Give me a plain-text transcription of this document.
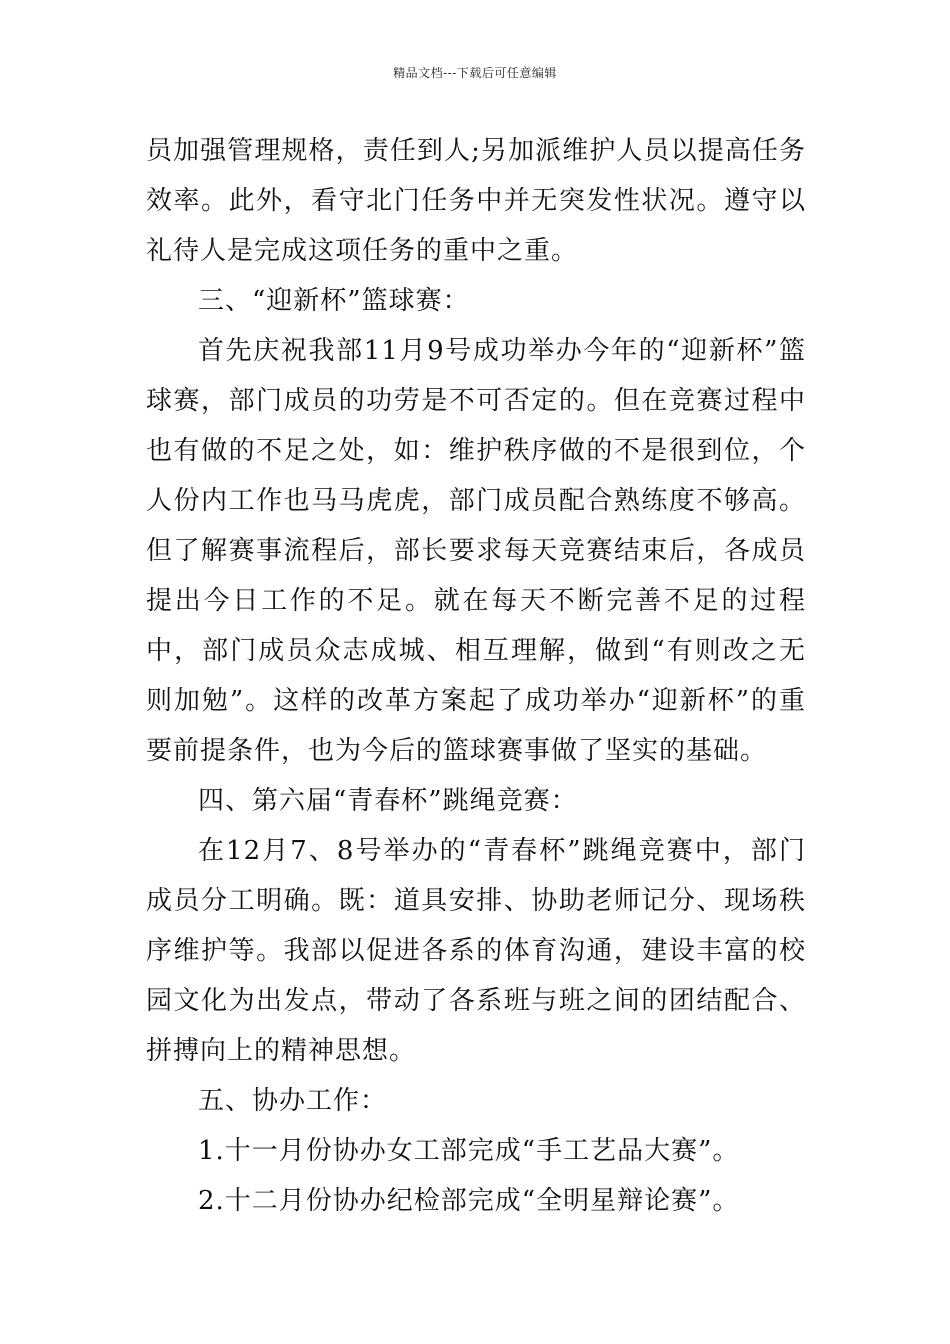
精品文档---下载后可任意编辑

员加强管理规格，责任到人;另加派维护人员以提高任务效率。此外，看守北门任务中并无突发性状况。遵守以礼待人是完成这项任务的重中之重。

三、“迎新杯”篮球赛：

首先庆祝我部11月9号成功举办今年的“迎新杯”篮球赛，部门成员的功劳是不可否定的。但在竞赛过程中也有做的不足之处，如：维护秩序做的不是很到位，个人份内工作也马马虎虎，部门成员配合熟练度不够高。但了解赛事流程后，部长要求每天竞赛结束后，各成员提出今日工作的不足。就在每天不断完善不足的过程中，部门成员众志成城、相互理解，做到“有则改之无则加勉”。这样的改革方案起了成功举办“迎新杯”的重要前提条件，也为今后的篮球赛事做了坚实的基础。

四、第六届“青春杯”跳绳竞赛：

在12月7、8号举办的“青春杯”跳绳竞赛中，部门成员分工明确。既：道具安排、协助老师记分、现场秩序维护等。我部以促进各系的体育沟通，建设丰富的校园文化为出发点，带动了各系班与班之间的团结配合、拼搏向上的精神思想。

五、协办工作：

1.十一月份协办女工部完成“手工艺品大赛”。

2.十二月份协办纪检部完成“全明星辩论赛”。
